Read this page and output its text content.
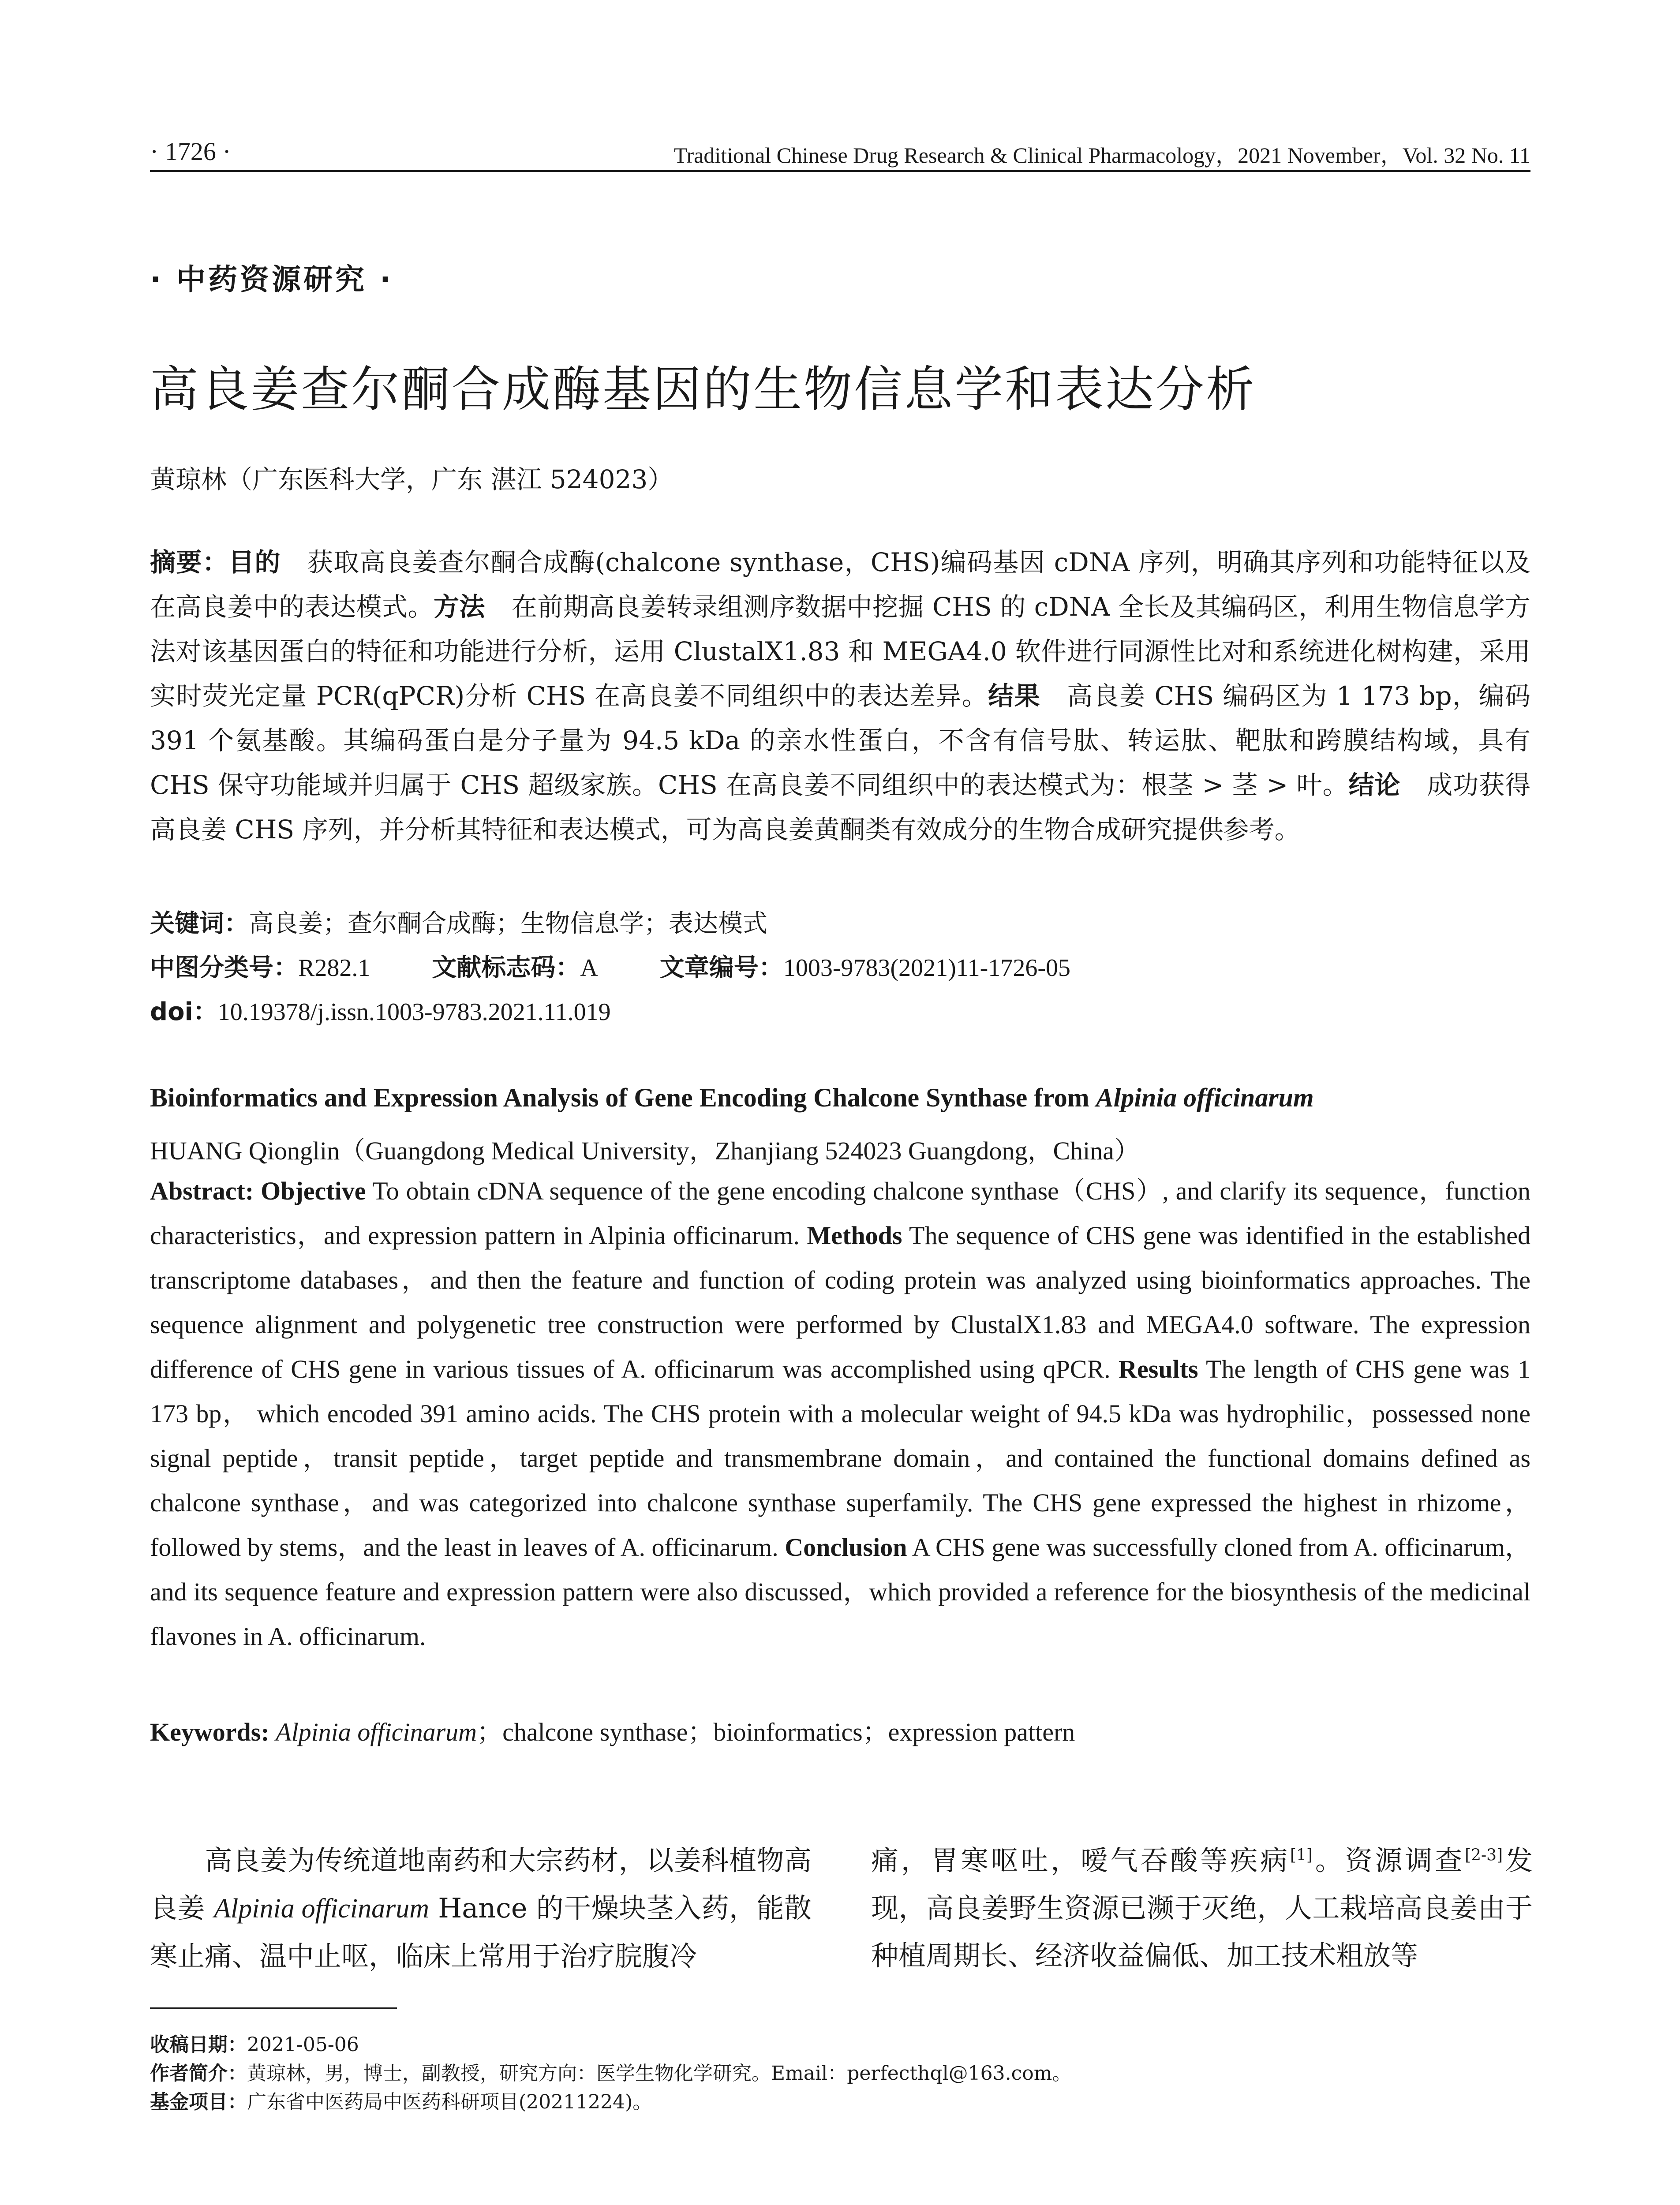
· 1726 ·	Traditional Chinese Drug Research & Clinical Pharmacology，2021 November，Vol. 32 No. 11
· 中药资源研究 ·
高良姜查尔酮合成酶基因的生物信息学和表达分析
黄琼林（广东医科大学，广东 湛江 524023）
摘要：目的 获取高良姜查尔酮合成酶(chalcone synthase，CHS)编码基因 cDNA 序列，明确其序列和功能特征以及在高良姜中的表达模式。方法 在前期高良姜转录组测序数据中挖掘 CHS 的 cDNA 全长及其编码区，利用生物信息学方法对该基因蛋白的特征和功能进行分析，运用 ClustalX1.83 和 MEGA4.0 软件进行同源性比对和系统进化树构建，采用实时荧光定量 PCR(qPCR)分析 CHS 在高良姜不同组织中的表达差异。结果 高良姜 CHS 编码区为 1 173 bp，编码 391 个氨基酸。其编码蛋白是分子量为 94.5 kDa 的亲水性蛋白，不含有信号肽、转运肽、靶肽和跨膜结构域，具有 CHS 保守功能域并归属于 CHS 超级家族。CHS 在高良姜不同组织中的表达模式为：根茎 > 茎 > 叶。结论 成功获得高良姜 CHS 序列，并分析其特征和表达模式，可为高良姜黄酮类有效成分的生物合成研究提供参考。
关键词：高良姜；查尔酮合成酶；生物信息学；表达模式
中图分类号：R282.1	文献标志码：A	文章编号：1003-9783(2021)11-1726-05
doi：10.19378/j.issn.1003-9783.2021.11.019
Bioinformatics and Expression Analysis of Gene Encoding Chalcone Synthase from Alpinia officinarum
HUANG Qionglin（Guangdong Medical University，Zhanjiang 524023 Guangdong，China）
Abstract: Objective To obtain cDNA sequence of the gene encoding chalcone synthase（CHS）, and clarify its sequence，function characteristics，and expression pattern in Alpinia officinarum. Methods The sequence of CHS gene was identified in the established transcriptome databases，and then the feature and function of coding protein was analyzed using bioinformatics approaches. The sequence alignment and polygenetic tree construction were performed by ClustalX1.83 and MEGA4.0 software. The expression difference of CHS gene in various tissues of A. officinarum was accomplished using qPCR. Results The length of CHS gene was 1 173 bp， which encoded 391 amino acids. The CHS protein with a molecular weight of 94.5 kDa was hydrophilic，possessed none signal peptide，transit peptide，target peptide and transmembrane domain，and contained the functional domains defined as chalcone synthase，and was categorized into chalcone synthase superfamily. The CHS gene expressed the highest in rhizome，followed by stems，and the least in leaves of A. officinarum. Conclusion A CHS gene was successfully cloned from A. officinarum，and its sequence feature and expression pattern were also discussed，which provided a reference for the biosynthesis of the medicinal flavones in A. officinarum.
Keywords: Alpinia officinarum；chalcone synthase；bioinformatics；expression pattern
高良姜为传统道地南药和大宗药材，以姜科植物高良姜 Alpinia officinarum Hance 的干燥块茎入药，能散寒止痛、温中止呕，临床上常用于治疗脘腹冷
痛，胃寒呕吐，嗳气吞酸等疾病[1]。资源调查[2-3]发现，高良姜野生资源已濒于灭绝，人工栽培高良姜由于种植周期长、经济收益偏低、加工技术粗放等
收稿日期：2021-05-06
作者简介：黄琼林，男，博士，副教授，研究方向：医学生物化学研究。Email：perfecthql@163.com。
基金项目：广东省中医药局中医药科研项目(20211224)。
